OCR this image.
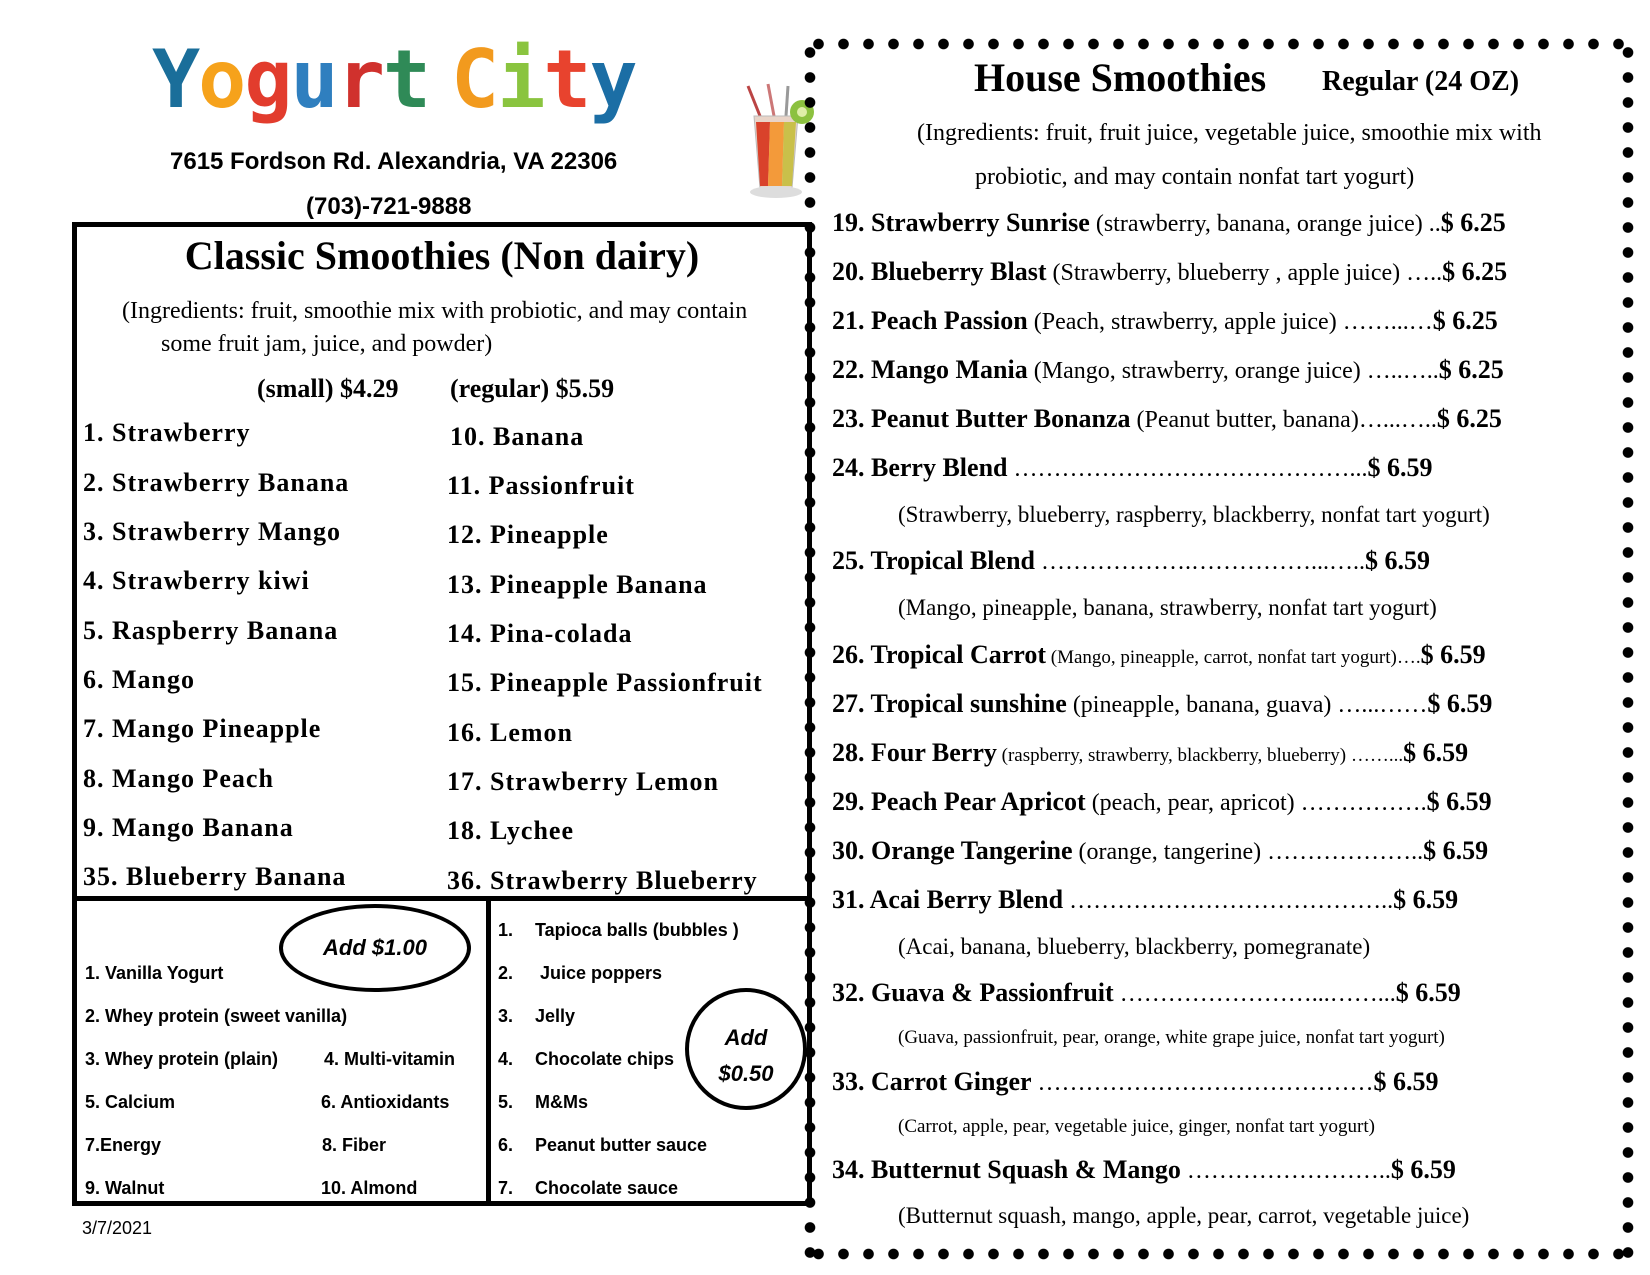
Yogurt City
7615 Fordson Rd. Alexandria, VA 22306
(703)-721-9888
Classic Smoothies (Non dairy)
(Ingredients: fruit, smoothie mix with probiotic, and may contain
some fruit jam, juice, and powder)
(small) $4.29 (regular) $5.59
1. Strawberry
2. Strawberry Banana
3. Strawberry Mango
4. Strawberry kiwi
5. Raspberry Banana
6. Mango
7. Mango Pineapple
8. Mango Peach
9. Mango Banana
35. Blueberry Banana
10. Banana
11. Passionfruit
12. Pineapple
13. Pineapple Banana
14. Pina-colada
15. Pineapple Passionfruit
16. Lemon
17. Strawberry Lemon
18. Lychee
36. Strawberry Blueberry
Add $1.00
1. Vanilla Yogurt
2. Whey protein (sweet vanilla)
3. Whey protein (plain)	4. Multi-vitamin
5. Calcium	6. Antioxidants
7.Energy	8. Fiber
9. Walnut	10. Almond
1. Tapioca balls (bubbles )
2. Juice poppers
3. Jelly
4. Chocolate chips
5. M&Ms
6. Peanut butter sauce
7. Chocolate sauce
Add
$0.50
3/7/2021
House Smoothies Regular (24 OZ)
(Ingredients: fruit, fruit juice, vegetable juice, smoothie mix with
probiotic, and may contain nonfat tart yogurt)
19. Strawberry Sunrise (strawberry, banana, orange juice) ..$ 6.25
20. Blueberry Blast (Strawberry, blueberry , apple juice) …..$ 6.25
21. Peach Passion (Peach, strawberry, apple juice) ……...…$ 6.25
22. Mango Mania (Mango, strawberry, orange juice) …..…..$ 6.25
23. Peanut Butter Bonanza (Peanut butter, banana)…...…..$ 6.25
24. Berry Blend ……………………………………...$ 6.59
(Strawberry, blueberry, raspberry, blackberry, nonfat tart yogurt)
25. Tropical Blend ……………….……………...…..$ 6.59
(Mango, pineapple, banana, strawberry, nonfat tart yogurt)
26. Tropical Carrot (Mango, pineapple, carrot, nonfat tart yogurt)….$ 6.59
27. Tropical sunshine (pineapple, banana, guava) …...……$ 6.59
28. Four Berry (raspberry, strawberry, blackberry, blueberry) ……...$ 6.59
29. Peach Pear Apricot (peach, pear, apricot) …………….$ 6.59
30. Orange Tangerine (orange, tangerine) ………………..$ 6.59
31. Acai Berry Blend …………………………………..$ 6.59
(Acai, banana, blueberry, blackberry, pomegranate)
32. Guava & Passionfruit ……………………...……...$ 6.59
(Guava, passionfruit, pear, orange, white grape juice, nonfat tart yogurt)
33. Carrot Ginger ……………………………………$ 6.59
(Carrot, apple, pear, vegetable juice, ginger, nonfat tart yogurt)
34. Butternut Squash & Mango ……………………..$ 6.59
(Butternut squash, mango, apple, pear, carrot, vegetable juice)
